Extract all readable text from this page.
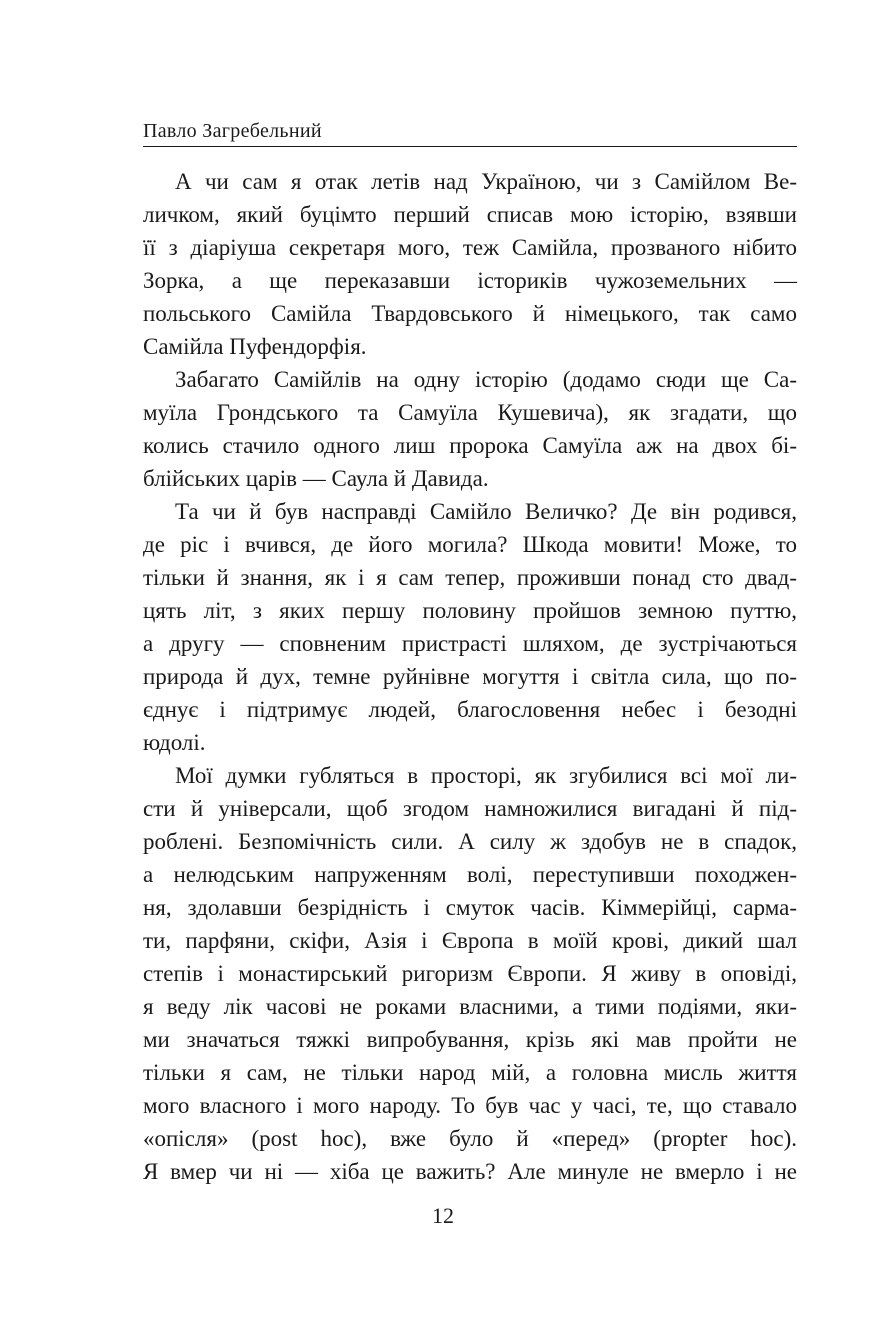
Павло Загребельний
А чи сам я отак летів над Україною, чи з Самійлом Ве-
личком, який буцімто перший списав мою історію, взявши
її з діаріуша секретаря мого, теж Самійла, прозваного нібито
Зорка, а ще переказавши істориків чужоземельних —
польського Самійла Твардовського й німецького, так само
Самійла Пуфендорфія.
Забагато Самійлів на одну історію (додамо сюди ще Са-
муїла Грондського та Самуїла Кушевича), як згадати, що
колись стачило одного лиш пророка Самуїла аж на двох бі-
блійських царів — Саула й Давида.
Та чи й був насправді Самійло Величко? Де він родився,
де ріс і вчився, де його могила? Шкода мовити! Може, то
тільки й знання, як і я сам тепер, проживши понад сто двад-
цять літ, з яких першу половину пройшов земною путтю,
а другу — сповненим пристрасті шляхом, де зустрічаються
природа й дух, темне руйнівне могуття і світла сила, що по-
єднує і підтримує людей, благословення небес і безодні
юдолі.
Мої думки губляться в просторі, як згубилися всі мої ли-
сти й універсали, щоб згодом намножилися вигадані й під-
роблені. Безпомічність сили. А силу ж здобув не в спадок,
а нелюдським напруженням волі, переступивши походжен-
ня, здолавши безрідність і смуток часів. Кіммерійці, сарма-
ти, парфяни, скіфи, Азія і Європа в моїй крові, дикий шал
степів і монастирський ригоризм Європи. Я живу в оповіді,
я веду лік часові не роками власними, а тими подіями, яки-
ми значаться тяжкі випробування, крізь які мав пройти не
тільки я сам, не тільки народ мій, а головна мисль життя
мого власного і мого народу. То був час у часі, те, що ставало
«опісля» (post hoc), вже було й «перед» (propter hoc).
Я вмер чи ні — хіба це важить? Але минуле не вмерло і не
12
